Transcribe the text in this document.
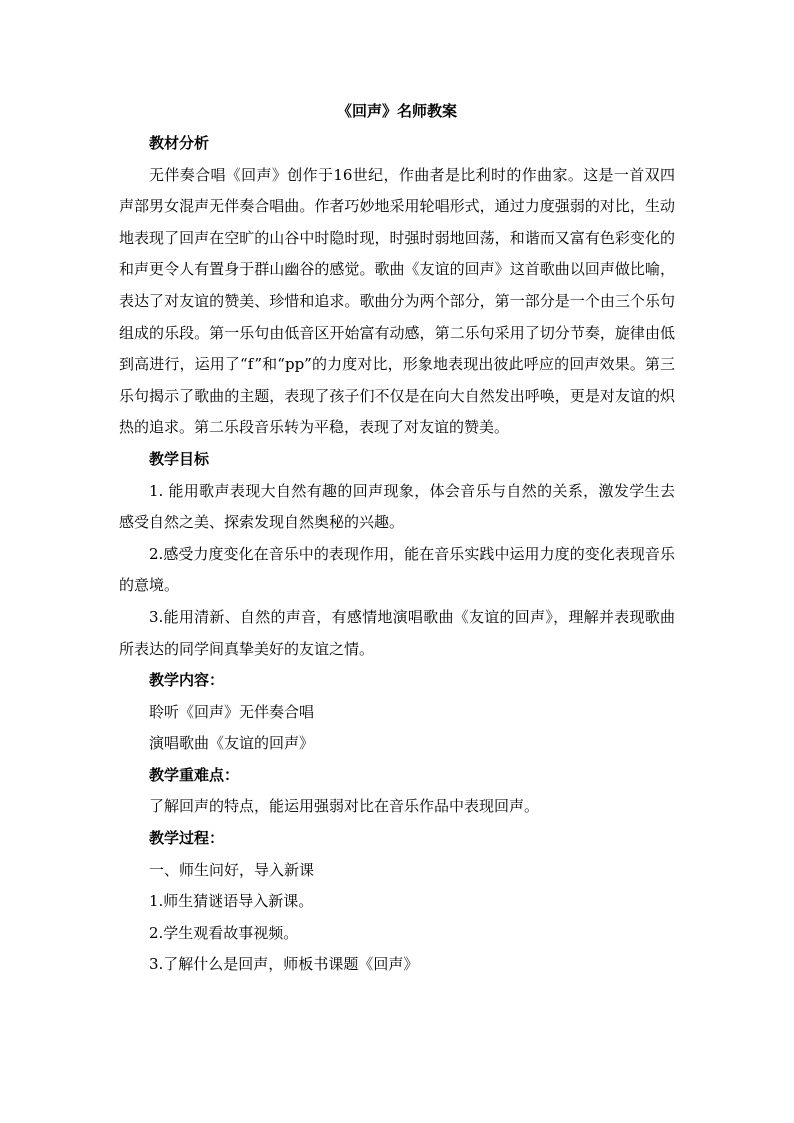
《回声》名师教案

教材分析

无伴奏合唱《回声》创作于16世纪，作曲者是比利时的作曲家。这是一首双四声部男女混声无伴奏合唱曲。作者巧妙地采用轮唱形式，通过力度强弱的对比，生动地表现了回声在空旷的山谷中时隐时现，时强时弱地回荡，和谐而又富有色彩变化的和声更令人有置身于群山幽谷的感觉。歌曲《友谊的回声》这首歌曲以回声做比喻，表达了对友谊的赞美、珍惜和追求。歌曲分为两个部分，第一部分是一个由三个乐句组成的乐段。第一乐句由低音区开始富有动感，第二乐句采用了切分节奏，旋律由低到高进行，运用了“f”和“pp”的力度对比，形象地表现出彼此呼应的回声效果。第三乐句揭示了歌曲的主题，表现了孩子们不仅是在向大自然发出呼唤，更是对友谊的炽热的追求。第二乐段音乐转为平稳，表现了对友谊的赞美。

教学目标

1. 能用歌声表现大自然有趣的回声现象，体会音乐与自然的关系，激发学生去感受自然之美、探索发现自然奥秘的兴趣。

2.感受力度变化在音乐中的表现作用，能在音乐实践中运用力度的变化表现音乐的意境。

3.能用清新、自然的声音，有感情地演唱歌曲《友谊的回声》，理解并表现歌曲所表达的同学间真挚美好的友谊之情。

教学内容：

聆听《回声》无伴奏合唱

演唱歌曲《友谊的回声》

教学重难点：

了解回声的特点，能运用强弱对比在音乐作品中表现回声。

教学过程：

一、师生问好，导入新课

1.师生猜谜语导入新课。

2.学生观看故事视频。

3.了解什么是回声，师板书课题《回声》
